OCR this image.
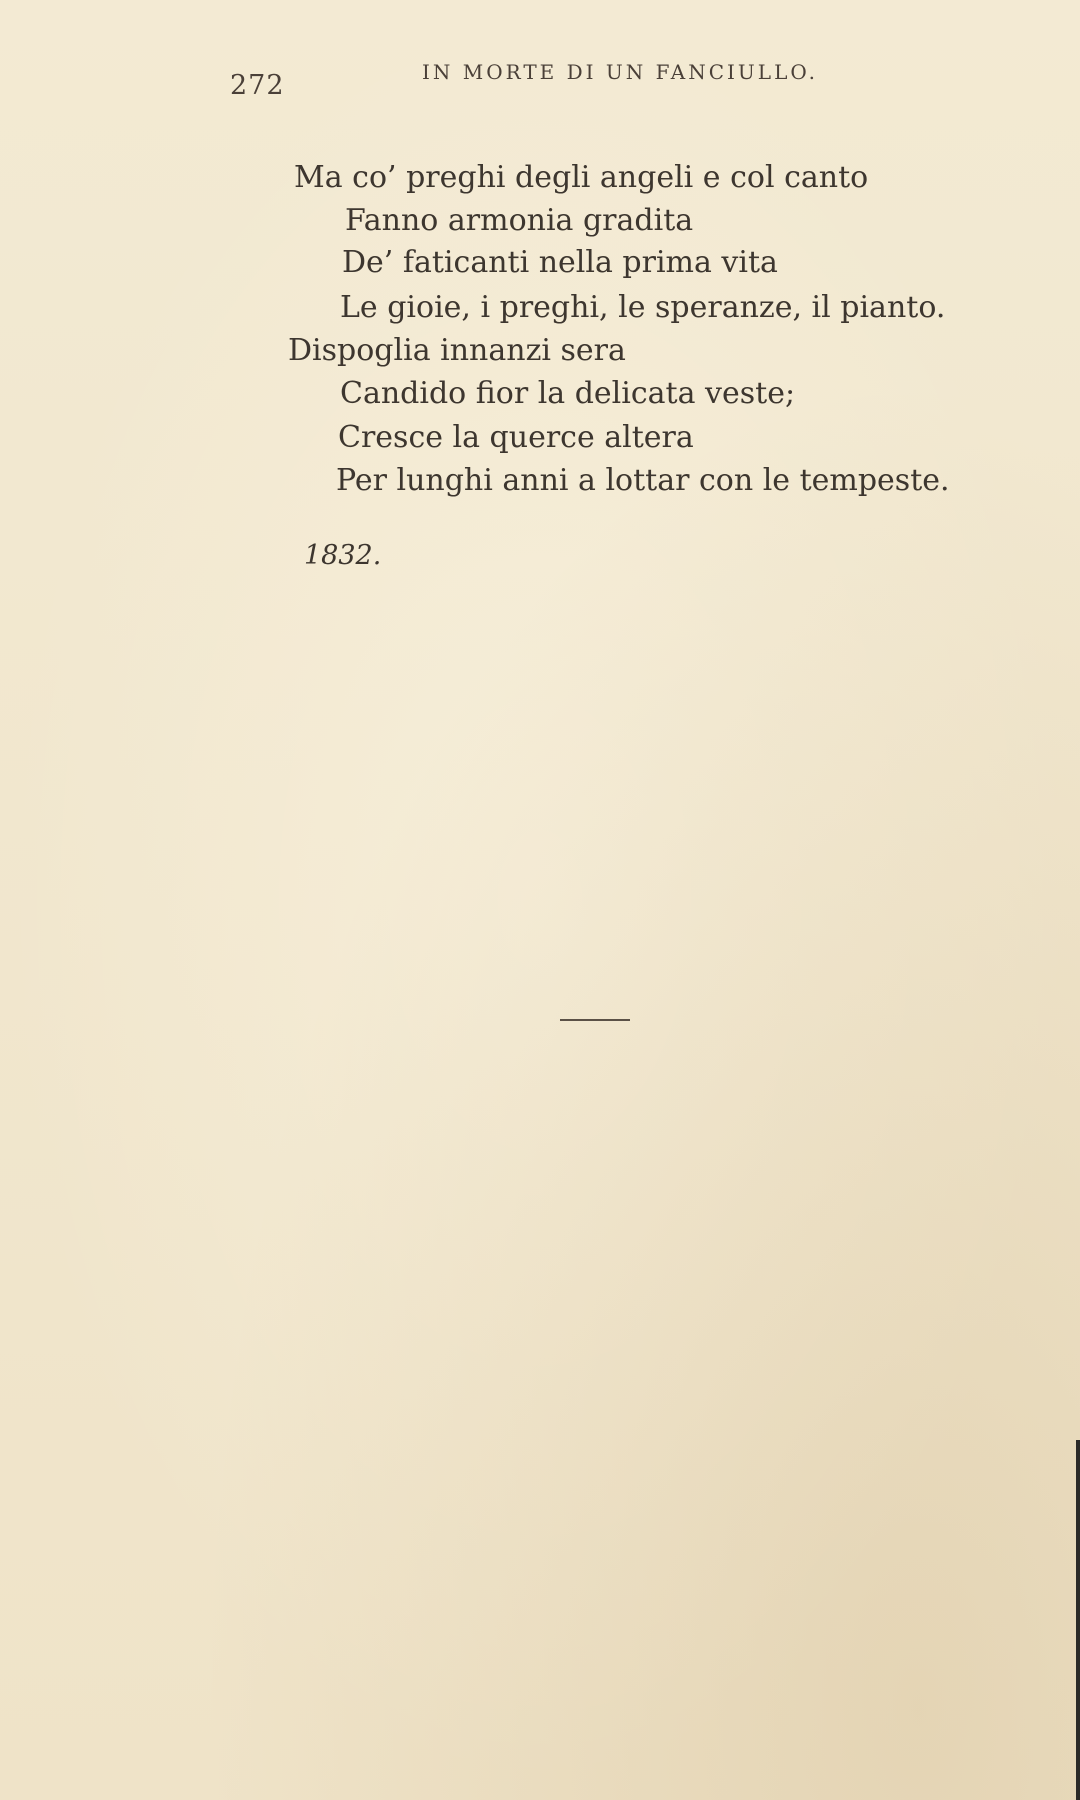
272	IN MORTE DI UN FANCIULLO.
Ma co’ preghi degli angeli e col canto
Fanno armonia gradita
De’ faticanti nella prima vita
Le gioie, i preghi, le speranze, il pianto.
Dispoglia innanzi sera
Candido fior la delicata veste;
Cresce la querce altera
Per lunghi anni a lottar con le tempeste.
1832.
